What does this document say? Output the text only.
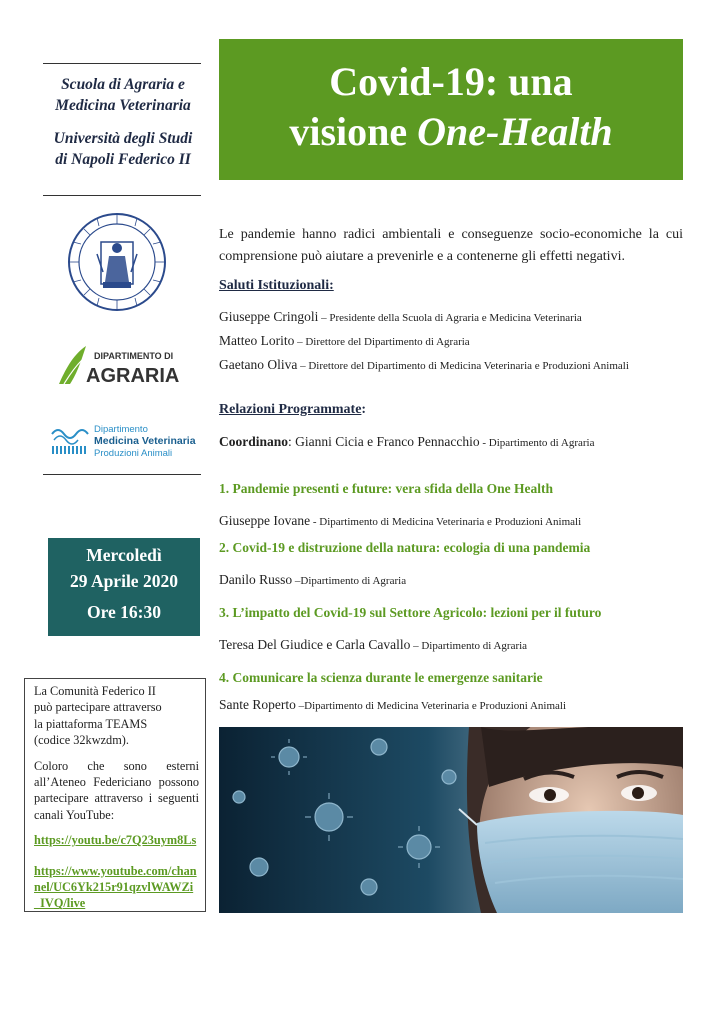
Scuola di Agraria e
Medicina Veterinaria

Università degli Studi
di Napoli Federico II

DIPARTIMENTO DI
AGRARIA
Dipartimento
Medicina Veterinaria
Produzioni Animali
Mercoledì
29 Aprile 2020
Ore 16:30
La Comunità Federico II può partecipare attraverso la piattaforma TEAMS (codice 32kwzdm).
Coloro che sono esterni all’Ateneo Federiciano possono partecipare attraverso i seguenti canali YouTube:
https://youtu.be/c7Q23uym8Ls
https://www.youtube.com/channel/UC6Yk215r91qzvlWAWZi_IVQ/live
Covid-19: una
visione One-Health
Le pandemie hanno radici ambientali e conseguenze socio-economiche la cui comprensione può aiutare a prevenirle e a contenerne gli effetti negativi.
Saluti Istituzionali:
Giuseppe Cringoli – Presidente della Scuola di Agraria e Medicina Veterinaria
Matteo Lorito – Direttore del Dipartimento di Agraria
Gaetano Oliva – Direttore del Dipartimento di Medicina Veterinaria e Produzioni Animali
Relazioni Programmate:
Coordinano: Gianni Cicia e Franco Pennacchio - Dipartimento di Agraria
1. Pandemie presenti e future: vera sfida della One Health
Giuseppe Iovane - Dipartimento di Medicina Veterinaria e Produzioni Animali
2. Covid-19 e distruzione della natura: ecologia di una pandemia
Danilo Russo –Dipartimento di Agraria
3. L’impatto del Covid-19 sul Settore Agricolo: lezioni per il futuro
Teresa Del Giudice e Carla Cavallo – Dipartimento di Agraria
4. Comunicare la scienza durante le emergenze sanitarie
Sante Roperto –Dipartimento di Medicina Veterinaria e Produzioni Animali
